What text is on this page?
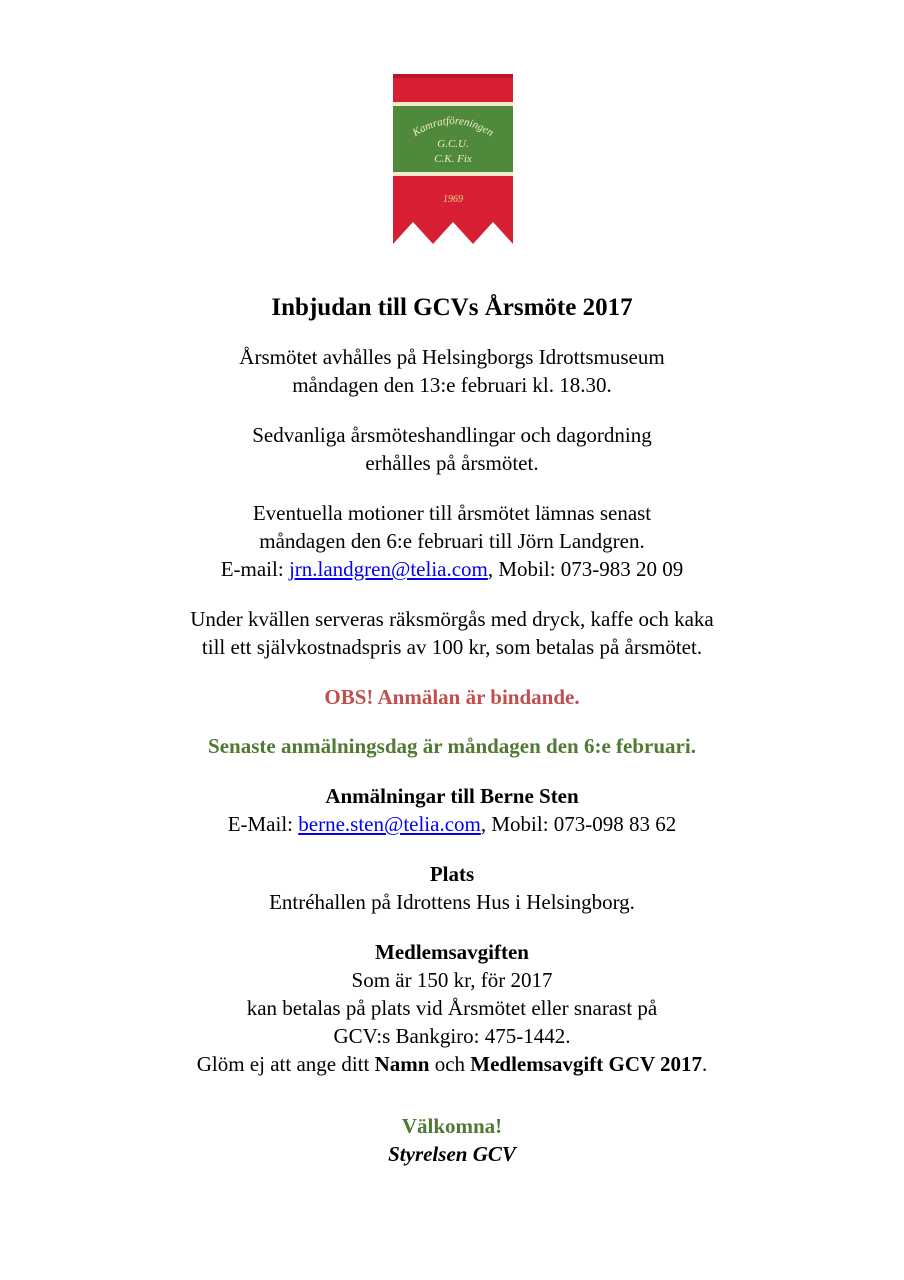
Kamratföreningen
G.C.U.
C.K. Fix
1969
Inbjudan till GCVs Årsmöte 2017

Årsmötet avhålles på Helsingborgs Idrottsmuseum
måndagen den 13:e februari kl. 18.30.

Sedvanliga årsmöteshandlingar och dagordning
erhålles på årsmötet.

Eventuella motioner till årsmötet lämnas senast
måndagen den 6:e februari till Jörn Landgren.
E-mail: jrn.landgren@telia.com, Mobil: 073-983 20 09

Under kvällen serveras räksmörgås med dryck, kaffe och kaka
till ett självkostnadspris av 100 kr, som betalas på årsmötet.

OBS! Anmälan är bindande.

Senaste anmälningsdag är måndagen den 6:e februari.

Anmälningar till Berne Sten
E-Mail: berne.sten@telia.com, Mobil: 073-098 83 62

Plats
Entréhallen på Idrottens Hus i Helsingborg.

Medlemsavgiften
Som är 150 kr, för 2017
kan betalas på plats vid Årsmötet eller snarast på
GCV:s Bankgiro: 475-1442.
Glöm ej att ange ditt Namn och Medlemsavgift GCV 2017.

Välkomna!
Styrelsen GCV
